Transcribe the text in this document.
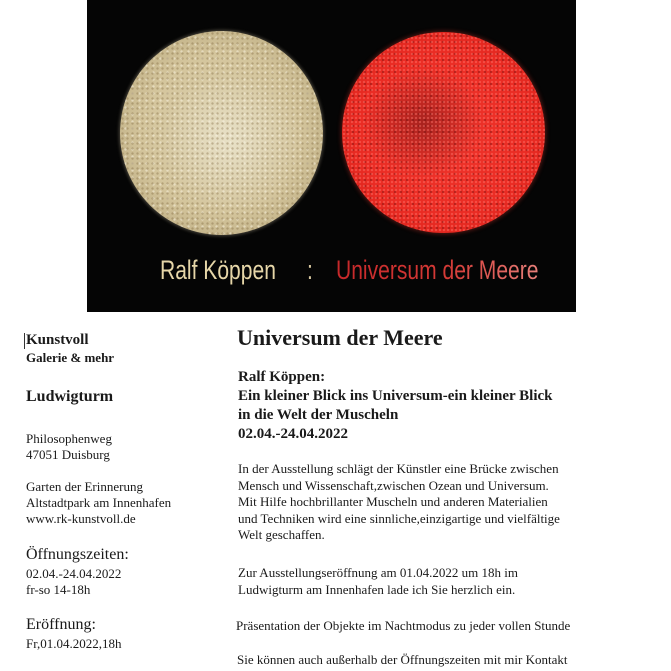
Ralf Köppen : Universum der Meere
Kunstvoll
Galerie & mehr
Ludwigturm
Philosophenweg
47051 Duisburg
Garten der Erinnerung
Altstadtpark am Innenhafen
www.rk-kunstvoll.de
Öffnungszeiten:
02.04.-24.04.2022
fr-so 14-18h
Eröffnung:
Fr,01.04.2022,18h
Universum der Meere
Ralf Köppen:
Ein kleiner Blick ins Universum-ein kleiner Blick
in die Welt der Muscheln
02.04.-24.04.2022
In der Ausstellung schlägt der Künstler eine Brücke zwischen
Mensch und Wissenschaft,zwischen Ozean und Universum.
Mit Hilfe hochbrillanter Muscheln und anderen Materialien
und Techniken wird eine sinnliche,einzigartige und vielfältige
Welt geschaffen.
Zur Ausstellungseröffnung am 01.04.2022 um 18h im
Ludwigturm am Innenhafen lade ich Sie herzlich ein.
Präsentation der Objekte im Nachtmodus zu jeder vollen Stunde
Sie können auch außerhalb der Öffnungszeiten mit mir Kontakt
